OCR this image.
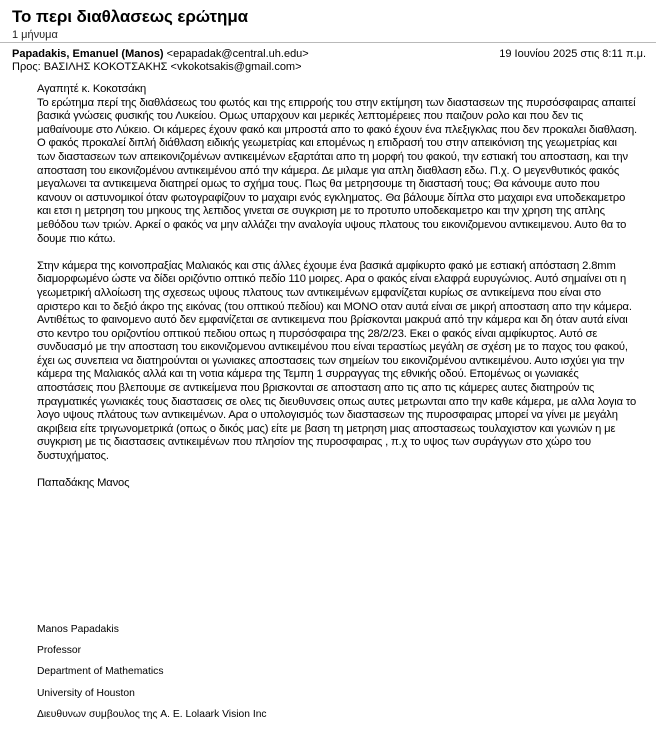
Το περι διαθλασεως ερώτημα
1 μήνυμα
Papadakis, Emanuel (Manos) <epapadak@central.uh.edu>	19 Ιουνίου 2025 στις 8:11 π.μ.
Προς: ΒΑΣΙΛΗΣ ΚΟΚΟΤΣΑΚΗΣ <vkokotsakis@gmail.com>

Αγαπητέ κ. Κοκοτσάκη

Το ερώτημα περί της διαθλάσεως του φωτός και της επιρροής του στην εκτίμηση των διαστασεων της πυρσόσφαιρας απαιτεί βασικά γνώσεις φυσικής του Λυκείου. Ομως υπαρχουν και μερικές λεπτομέρειες που παιζουν ρολο και που δεν τις μαθαίνουμε στο Λύκειο. Οι κάμερες έχουν φακό και μπροστά απο το φακό έχουν ένα πλεξιγκλας που δεν προκαλει διαθλαση. Ο φακός προκαλεί διπλή διάθλαση ειδικής γεωμετρίας και επομένως η επιδρασή του στην απεικόνιση της γεωμετρίας και των διαστασεων των απεικονιζομένων αντικειμένων εξαρτάται απο τη μορφή του φακού, την εστιακή του αποσταση, και την αποσταση του εικονιζομένου αντικειμένου από την κάμερα. Δε μιλαμε για απλη διαθλαση εδω. Π.χ. Ο μεγενθυτικός φακός μεγαλωνει τα αντικειμενα διατηρεί ομως το σχήμα τους. Πως θα μετρησουμε τη διαστασή τους; Θα κάνουμε αυτο που κανουν οι αστυνομικοί όταν φωτογραφίζουν το μαχαιρι ενός εγκληματος. Θα βάλουμε δίπλα στο μαχαιρι ενα υποδεκαμετρο και ετσι η μετρηση του μηκους της λεπιδος γινεται σε συγκριση με το πρoτυπο υποδεκαμετρο και την χρηση της απλης μεθόδου των τριών. Αρκεί ο φακός να μην αλλάζει την αναλογία υψους πλατους του εικονιζομενου αντικειμενου. Αυτο θα το δουμε πιο κάτω.

Στην κάμερα της κοινοπραξίας Μαλιακός και στις άλλες έχουμε ένα βασικά αμφίκυρτο φακό με εστιακή απόσταση 2.8mm διαμορφωμένο ώστε να δίδει οριζόντιο οπτικό πεδίο 110 μοιρες. Αρα ο φακός είναι ελαφρά ευρυγώνιος. Αυτό σημαίνει οτι η γεωμετρική αλλοίωση της σχεσεως υψους πλατους των αντικειμένων εμφανίζεται κυρίως σε αντικείμενα που είναι στο αριστερο και το δεξιό άκρο της εικόνας (του οπτικού πεδίου) και ΜΟΝΟ οταν αυτά είναι σε μικρή αποσταση απο την κάμερα. Αντιθέτως το φαινομενο αυτό δεν εμφανίζεται σε αντικειμενα που βρίσκονται μακρυά από την κάμερα και δη όταν αυτά είναι στο κεντρο του οριζοντίου οπτικού πεδιου οπως η πυρσόσφαιρα της 28/2/23. Εκει ο φακός είναι αμφίκυρτος. Αυτό σε συνδυασμό με την αποσταση του εικονιζομενου αντικειμένου που είναι τεραστίως μεγάλη σε σχέση με το παχος του φακού, έχει ως συνεπεια να διατηρούνται οι γωνιακες αποστασεις των σημείων του εικονιζομένου αντικειμένου. Αυτο ισχύει για την κάμερα της Μαλιακός αλλά και τη νοτια κάμερα της Τεμπη 1 συρραγγας της εθνικής οδού. Επομένως οι γωνιακές αποστάσεις που βλεπουμε σε αντικείμενα που βρισκονται σε αποσταση απο τις απο τις κάμερες αυτες διατηρούν τις πραγματικές γωνιακές τους διαστασεις σε ολες τις διευθυνσεις οπως αυτες μετρωνται απο την καθε κάμερα, με αλλα λογια το λογο υψους πλάτους των αντικειμένων. Αρα ο υπολογισμός των διαστασεων της πυροσφαιρας μπορεί να γίνει με μεγάλη ακριβεια είτε τριγωνομετρικά (οπως ο δικός μας) είτε με βαση τη μετρηση μιας αποστασεως τουλαχιστον και γωνιών η με συγκριση με τις διαστασεις αντικειμένων που πλησίον της πυροσφαιρας , π.χ το υψος των συράγγων στο χώρο του δυστυχήματος.

Παπαδάκης Μανος

Manos Papadakis
Professor
Department of Mathematics
University of Houston
Διευθυνων συμβουλος της A. E. Lolaark Vision Inc
